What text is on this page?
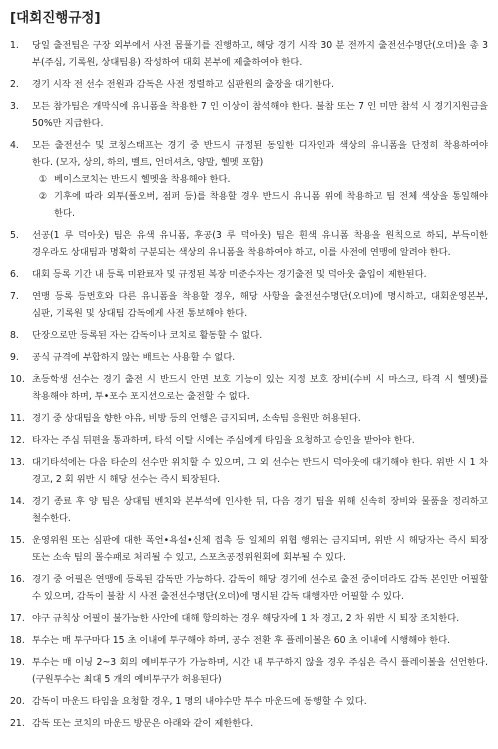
[대회진행규정]
1.	당일 출전팀은 구장 외부에서 사전 몸풀기를 진행하고, 해당 경기 시작 30 분 전까지 출전선수명단(오더)을 총 3 부(주심, 기록원, 상대팀용) 작성하여 대회 본부에 제출하여야 한다.
2.	경기 시작 전 선수 전원과 감독은 사전 정렬하고 심판원의 출장을 대기한다.
3.	모든 참가팀은 개막식에 유니폼을 착용한 7 인 이상이 참석해야 한다. 불참 또는 7 인 미만 참석 시 경기지원금을 50%만 지급한다.
4.	모든 출전선수 및 코칭스태프는 경기 중 반드시 규정된 동일한 디자인과 색상의 유니폼을 단정히 착용하여야 한다. (모자, 상의, 하의, 벨트, 언더셔츠, 양말, 헬멧 포함)
① 베이스코치는 반드시 헬멧을 착용해야 한다.
② 기후에 따라 외투(폴오버, 점퍼 등)를 착용할 경우 반드시 유니폼 위에 착용하고 팀 전체 색상을 통일해야 한다.
5.	선공(1 루 덕아웃) 팀은 유색 유니폼, 후공(3 루 덕아웃) 팀은 흰색 유니폼 착용을 원칙으로 하되, 부득이한 경우라도 상대팀과 명확히 구분되는 색상의 유니폼을 착용하여야 하고, 이를 사전에 연맹에 알려야 한다.
6.	대회 등록 기간 내 등록 미완료자 및 규정된 복장 미준수자는 경기출전 및 덕아웃 출입이 제한된다.
7.	연맹 등록 등번호와 다른 유니폼을 착용할 경우, 해당 사항을 출전선수명단(오더)에 명시하고, 대회운영본부, 심판, 기록원 및 상대팀 감독에게 사전 통보해야 한다.
8.	단장으로만 등록된 자는 감독이나 코치로 활동할 수 없다.
9.	공식 규격에 부합하지 않는 배트는 사용할 수 없다.
10. 초등학생 선수는 경기 출전 시 반드시 안면 보호 기능이 있는 지정 보호 장비(수비 시 마스크, 타격 시 헬멧)를 착용해야 하며, 투•포수 포지션으로는 출전할 수 없다.
11. 경기 중 상대팀을 향한 야유, 비방 등의 언행은 금지되며, 소속팀 응원만 허용된다.
12. 타자는 주심 뒤편을 통과하며, 타석 이탈 시에는 주심에게 타임을 요청하고 승인을 받아야 한다.
13. 대기타석에는 다음 타순의 선수만 위치할 수 있으며, 그 외 선수는 반드시 덕아웃에 대기해야 한다. 위반 시 1 차 경고, 2 회 위반 시 해당 선수는 즉시 퇴장된다.
14. 경기 종료 후 양 팀은 상대팀 벤치와 본부석에 인사한 뒤, 다음 경기 팀을 위해 신속히 장비와 물품을 정리하고 철수한다.
15. 운영위원 또는 심판에 대한 폭언•욕설•신체 접촉 등 일체의 위협 행위는 금지되며, 위반 시 해당자는 즉시 퇴장 또는 소속 팀의 몰수패로 처리될 수 있고, 스포츠공정위원회에 회부될 수 있다.
16. 경기 중 어필은 연맹에 등록된 감독만 가능하다. 감독이 해당 경기에 선수로 출전 중이더라도 감독 본인만 어필할 수 있으며, 감독이 불참 시 사전 출전선수명단(오더)에 명시된 감독 대행자만 어필할 수 있다.
17. 야구 규칙상 어필이 불가능한 사안에 대해 항의하는 경우 해당자에 1 차 경고, 2 차 위반 시 퇴장 조치한다.
18. 투수는 매 투구마다 15 초 이내에 투구해야 하며, 공수 전환 후 플레이볼은 60 초 이내에 시행해야 한다.
19. 투수는 매 이닝 2~3 회의 예비투구가 가능하며, 시간 내 투구하지 않을 경우 주심은 즉시 플레이볼을 선언한다. (구원투수는 최대 5 개의 예비투구가 허용된다)
20. 감독이 마운드 타임을 요청할 경우, 1 명의 내야수만 투수 마운드에 동행할 수 있다.
21. 감독 또는 코치의 마운드 방문은 아래와 같이 제한한다.
